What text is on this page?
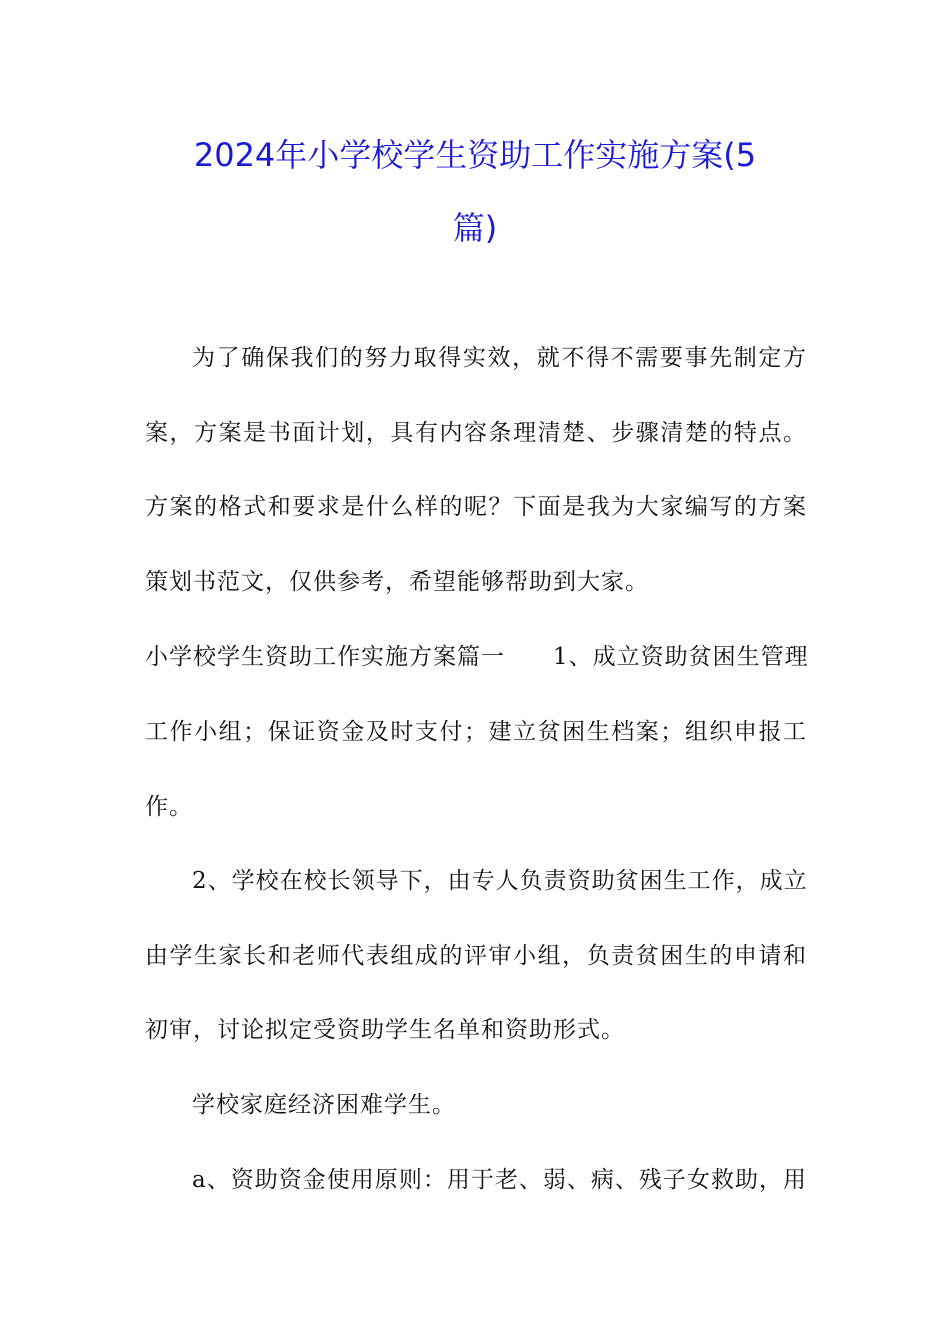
2024年小学校学生资助工作实施方案(5
篇)
为了确保我们的努力取得实效，就不得不需要事先制定方
案，方案是书面计划，具有内容条理清楚、步骤清楚的特点。
方案的格式和要求是什么样的呢？下面是我为大家编写的方案
策划书范文，仅供参考，希望能够帮助到大家。
小学校学生资助工作实施方案篇一　　1、成立资助贫困生管理
工作小组；保证资金及时支付；建立贫困生档案；组织申报工
作。
2、学校在校长领导下，由专人负责资助贫困生工作，成立
由学生家长和老师代表组成的评审小组，负责贫困生的申请和
初审，讨论拟定受资助学生名单和资助形式。
学校家庭经济困难学生。
a、资助资金使用原则：用于老、弱、病、残子女救助，用
